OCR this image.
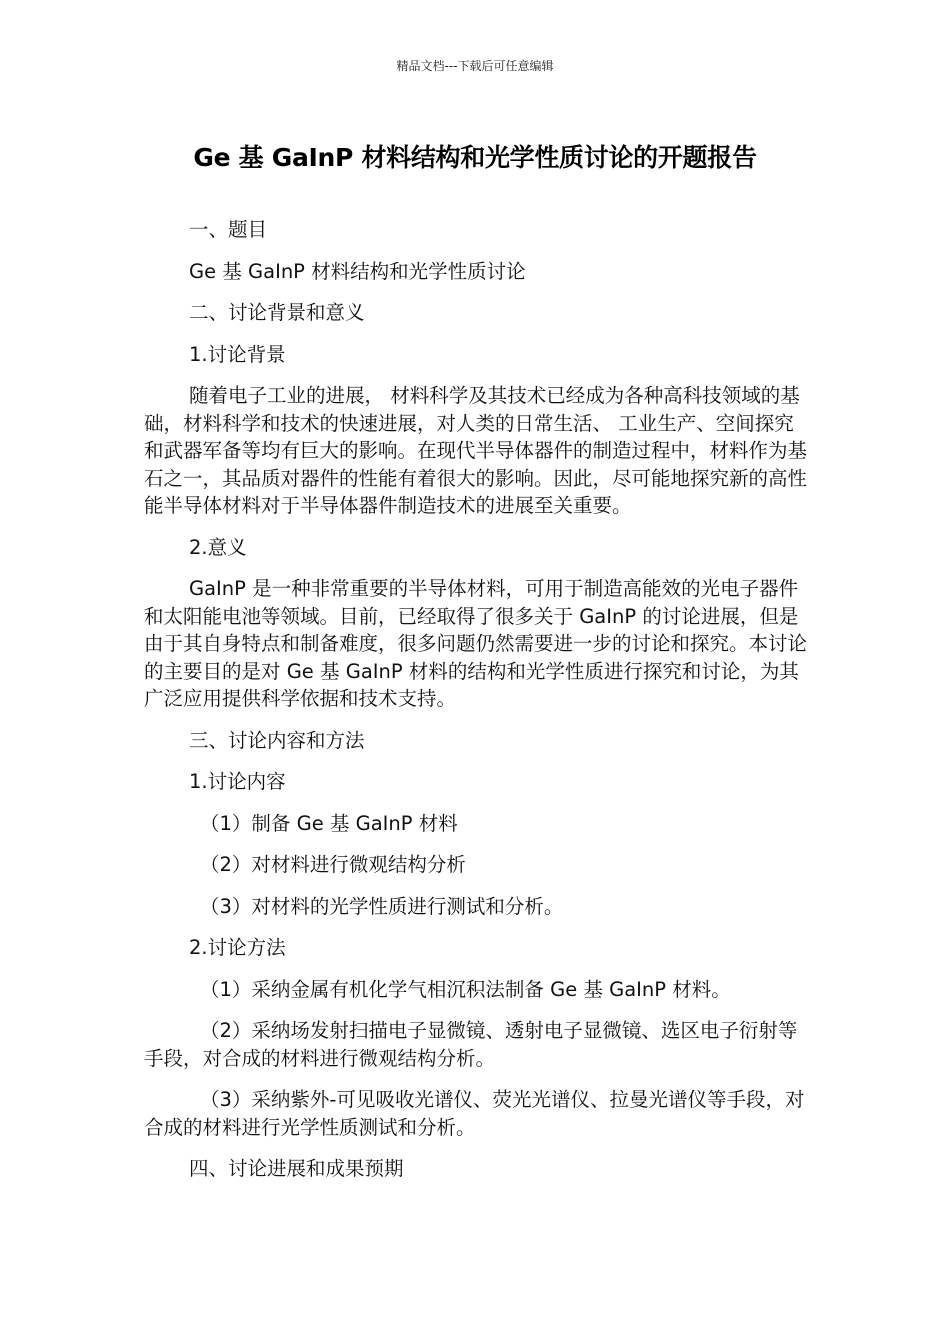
精品文档---下载后可任意编辑
Ge 基 GaInP 材料结构和光学性质讨论的开题报告

一、题目

Ge 基 GaInP 材料结构和光学性质讨论

二、讨论背景和意义

1.讨论背景

随着电子工业的进展， 材料科学及其技术已经成为各种高科技领域的基础，材料科学和技术的快速进展，对人类的日常生活、 工业生产、空间探究和武器军备等均有巨大的影响。在现代半导体器件的制造过程中，材料作为基石之一，其品质对器件的性能有着很大的影响。因此，尽可能地探究新的高性能半导体材料对于半导体器件制造技术的进展至关重要。

2.意义

GaInP 是一种非常重要的半导体材料，可用于制造高能效的光电子器件和太阳能电池等领域。目前，已经取得了很多关于 GaInP 的讨论进展，但是由于其自身特点和制备难度，很多问题仍然需要进一步的讨论和探究。本讨论的主要目的是对 Ge 基 GaInP 材料的结构和光学性质进行探究和讨论，为其广泛应用提供科学依据和技术支持。

三、讨论内容和方法

1.讨论内容

（1）制备 Ge 基 GaInP 材料

（2）对材料进行微观结构分析

（3）对材料的光学性质进行测试和分析。

2.讨论方法

（1）采纳金属有机化学气相沉积法制备 Ge 基 GaInP 材料。

（2）采纳场发射扫描电子显微镜、透射电子显微镜、选区电子衍射等手段，对合成的材料进行微观结构分析。

（3）采纳紫外-可见吸收光谱仪、荧光光谱仪、拉曼光谱仪等手段，对合成的材料进行光学性质测试和分析。

四、讨论进展和成果预期
